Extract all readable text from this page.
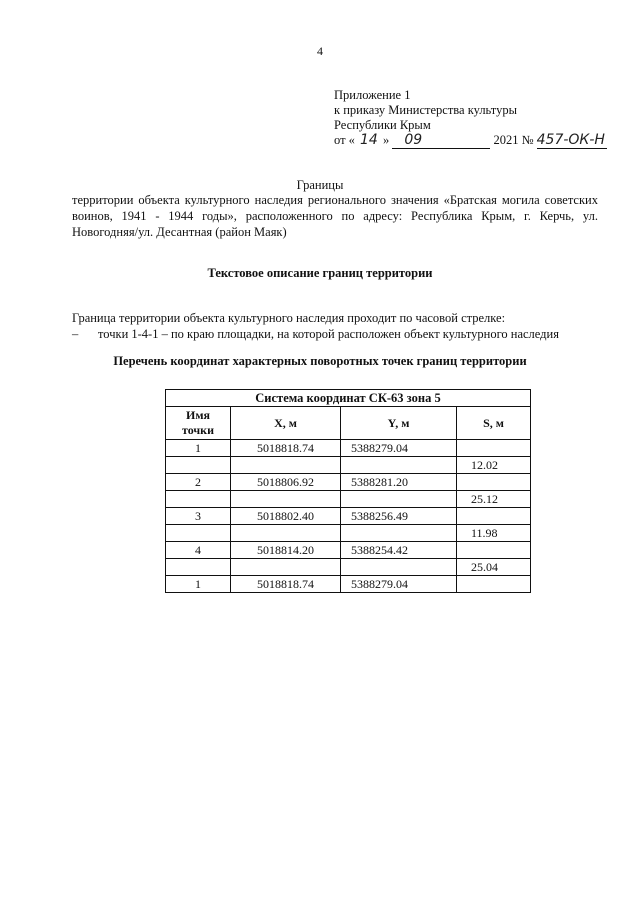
4
Приложение 1
к приказу Министерства культуры
Республики Крым
от « 14 » 09	2021 № 457-ОК-Н
Границы
территории объекта культурного наследия регионального значения «Братская могила советских воинов, 1941 - 1944 годы», расположенного по адресу: Республика Крым, г. Керчь, ул. Новогодняя/ул. Десантная (район Маяк)
Текстовое описание границ территории
Граница территории объекта культурного наследия проходит по часовой стрелке:
–	точки 1-4-1 – по краю площадки, на которой расположен объект культурного наследия
Перечень координат характерных поворотных точек границ территории
Система координат СК-63 зона 5			
Имя точки	X, м	Y, м	S, м
1	5018818.74	5388279.04	
			12.02
2	5018806.92	5388281.20	
			25.12
3	5018802.40	5388256.49	
			11.98
4	5018814.20	5388254.42	
			25.04
1	5018818.74	5388279.04	
